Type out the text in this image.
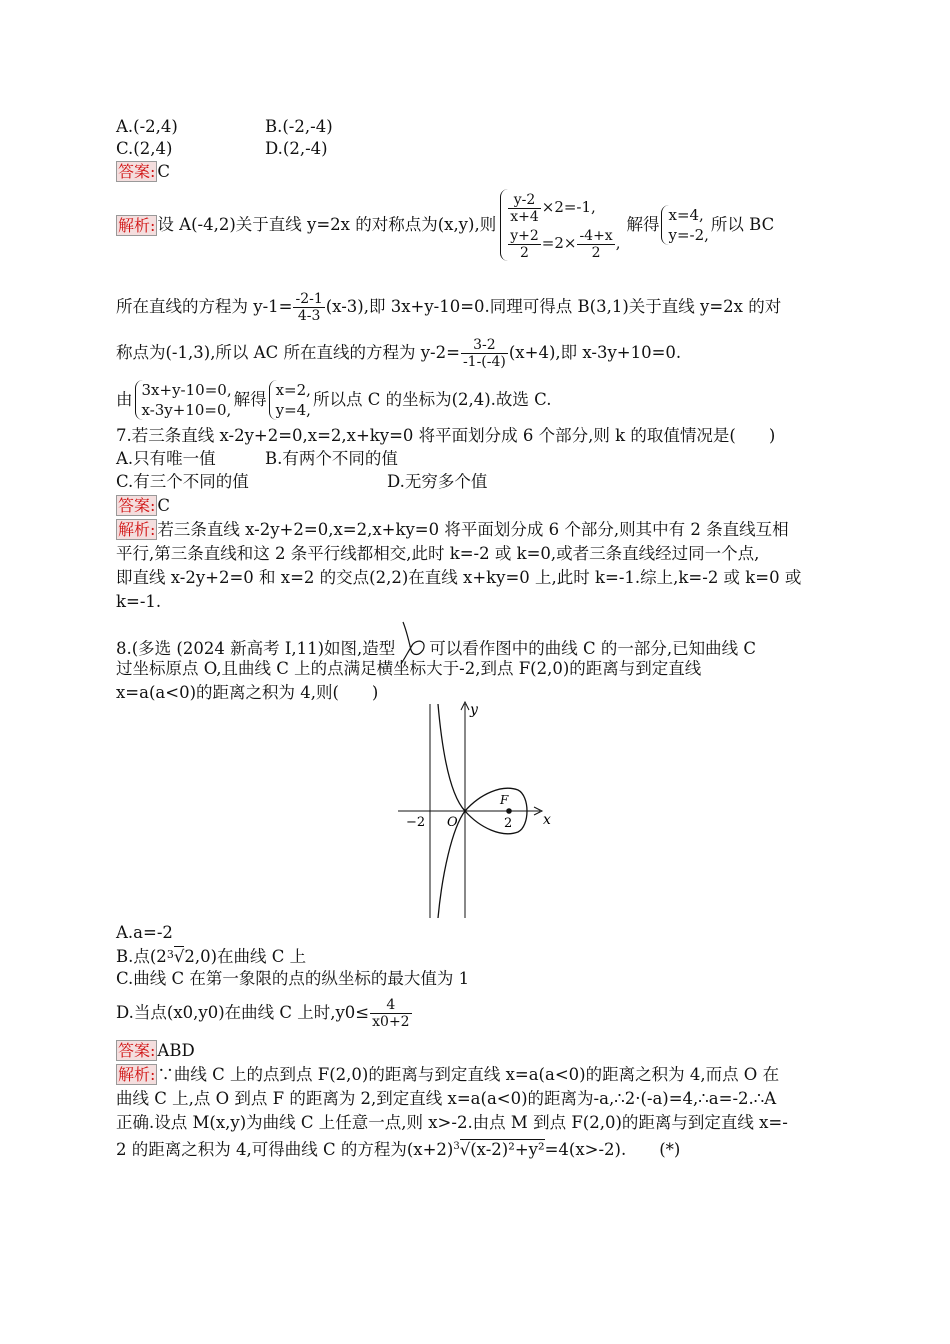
A.(-2,4)	B.(-2,-4)
C.(2,4)	D.(2,-4)
答案: C
解析: 设 A(-4,2)关于直线 y=2x 的对称点为(x,y),则 $\frac{y-2}{x+4} \times 2=-1$,
$\frac{y+2}{2} =2\times \frac{-4+x}{2}$ ,
解得 x=4,
y=-2,
所以 BC
所在直线的方程为 $y-1= \frac{-2-1}{4-3} (x-3)$,即 3x+y-10=0.同理可得点 B(3,1)关于直线 y=2x 的对
称点为(-1,3),所以 AC 所在直线的方程为 $y-2= \frac{3-2}{-1-(-4)} (x+4)$,即 x-3y+10=0.
由 3x+y-10=0,
x-3y+10=0,
解得 x=2,
y=4,
所以点 C 的坐标为(2,4).故选 C.
7.若三条直线 x-2y+2=0,x=2,x+ky=0 将平面划分成 6 个部分,则 k 的取值情况是(　　)
A.只有唯一值	B.有两个不同的值
C.有三个不同的值	D.无穷多个值
答案: C
解析: 若三条直线 x-2y+2=0,x=2,x+ky=0 将平面划分成 6 个部分,则其中有 2 条直线互相
平行,第三条直线和这 2 条平行线都相交,此时 k=-2 或 k=0,或者三条直线经过同一个点,
即直线 x-2y+2=0 和 x=2 的交点(2,2)在直线 x+ky=0 上,此时 k=-1.综上,k=-2 或 k=0 或
k=-1.
8.(多选 (2024 新高考 Ⅰ,11)如图,造型 可以看作图中的曲线 C 的一部分,已知曲线 C
过坐标原点 O,且曲线 C 上的点满足横坐标大于-2,到点 F(2,0)的距离与到定直线
x=a(a<0)的距离之积为 4,则(　　)
y
x
O
−2	2
F
A.a=-2
B.点$(2^3√2,0)$在曲线 C 上
C.曲线 C 在第一象限的点的纵坐标的最大值为 1
D.当点(x0,y0)在曲线 C 上时$,y0\le \frac{4}{x0+2}$
答案: ABD
解析: ∵曲线 C 上的点到点 F(2,0)的距离与到定直线 x=a(a<0)的距离之积为 4,而点 O 在
曲线 C 上,点 O 到点 F 的距离为 2,到定直线 x=a(a<0)的距离为-a,∴2·(-a)=4,∴a=-2.∴A
正确.设点 M(x,y)为曲线 C 上任意一点,则 x>-2.由点 M 到点 F(2,0)的距离与到定直线 x=-
2 的距离之积为 4,可得曲线 C 的方程为$(x+2)^3√(x-2)^2+y^2=4(x>-2)$.　　(*)
